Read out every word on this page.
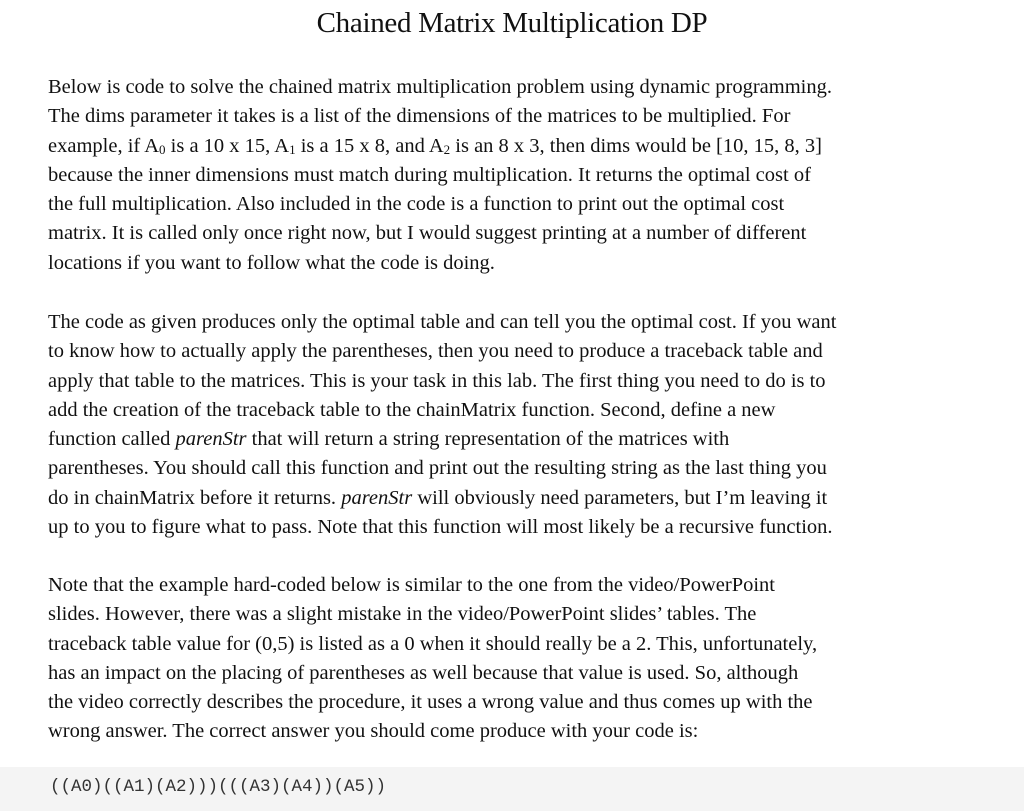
Chained Matrix Multiplication DP

Below is code to solve the chained matrix multiplication problem using dynamic programming.
The dims parameter it takes is a list of the dimensions of the matrices to be multiplied. For
example, if $A_0$ is a 10 x 15, $A_1$ is a 15 x 8, and $A_2$ is an 8 x 3, then dims would be [10, 15, 8, 3]
because the inner dimensions must match during multiplication. It returns the optimal cost of
the full multiplication. Also included in the code is a function to print out the optimal cost
matrix. It is called only once right now, but I would suggest printing at a number of different
locations if you want to follow what the code is doing.

The code as given produces only the optimal table and can tell you the optimal cost. If you want
to know how to actually apply the parentheses, then you need to produce a traceback table and
apply that table to the matrices. This is your task in this lab. The first thing you need to do is to
add the creation of the traceback table to the chainMatrix function. Second, define a new
function called parenStr that will return a string representation of the matrices with
parentheses. You should call this function and print out the resulting string as the last thing you
do in chainMatrix before it returns. parenStr will obviously need parameters, but I’m leaving it
up to you to figure what to pass. Note that this function will most likely be a recursive function.

Note that the example hard-coded below is similar to the one from the video/PowerPoint
slides. However, there was a slight mistake in the video/PowerPoint slides’ tables. The
traceback table value for (0,5) is listed as a 0 when it should really be a 2. This, unfortunately,
has an impact on the placing of parentheses as well because that value is used. So, although
the video correctly describes the procedure, it uses a wrong value and thus comes up with the
wrong answer. The correct answer you should come produce with your code is:

((A0)((A1)(A2)))(((A3)(A4))(A5))
